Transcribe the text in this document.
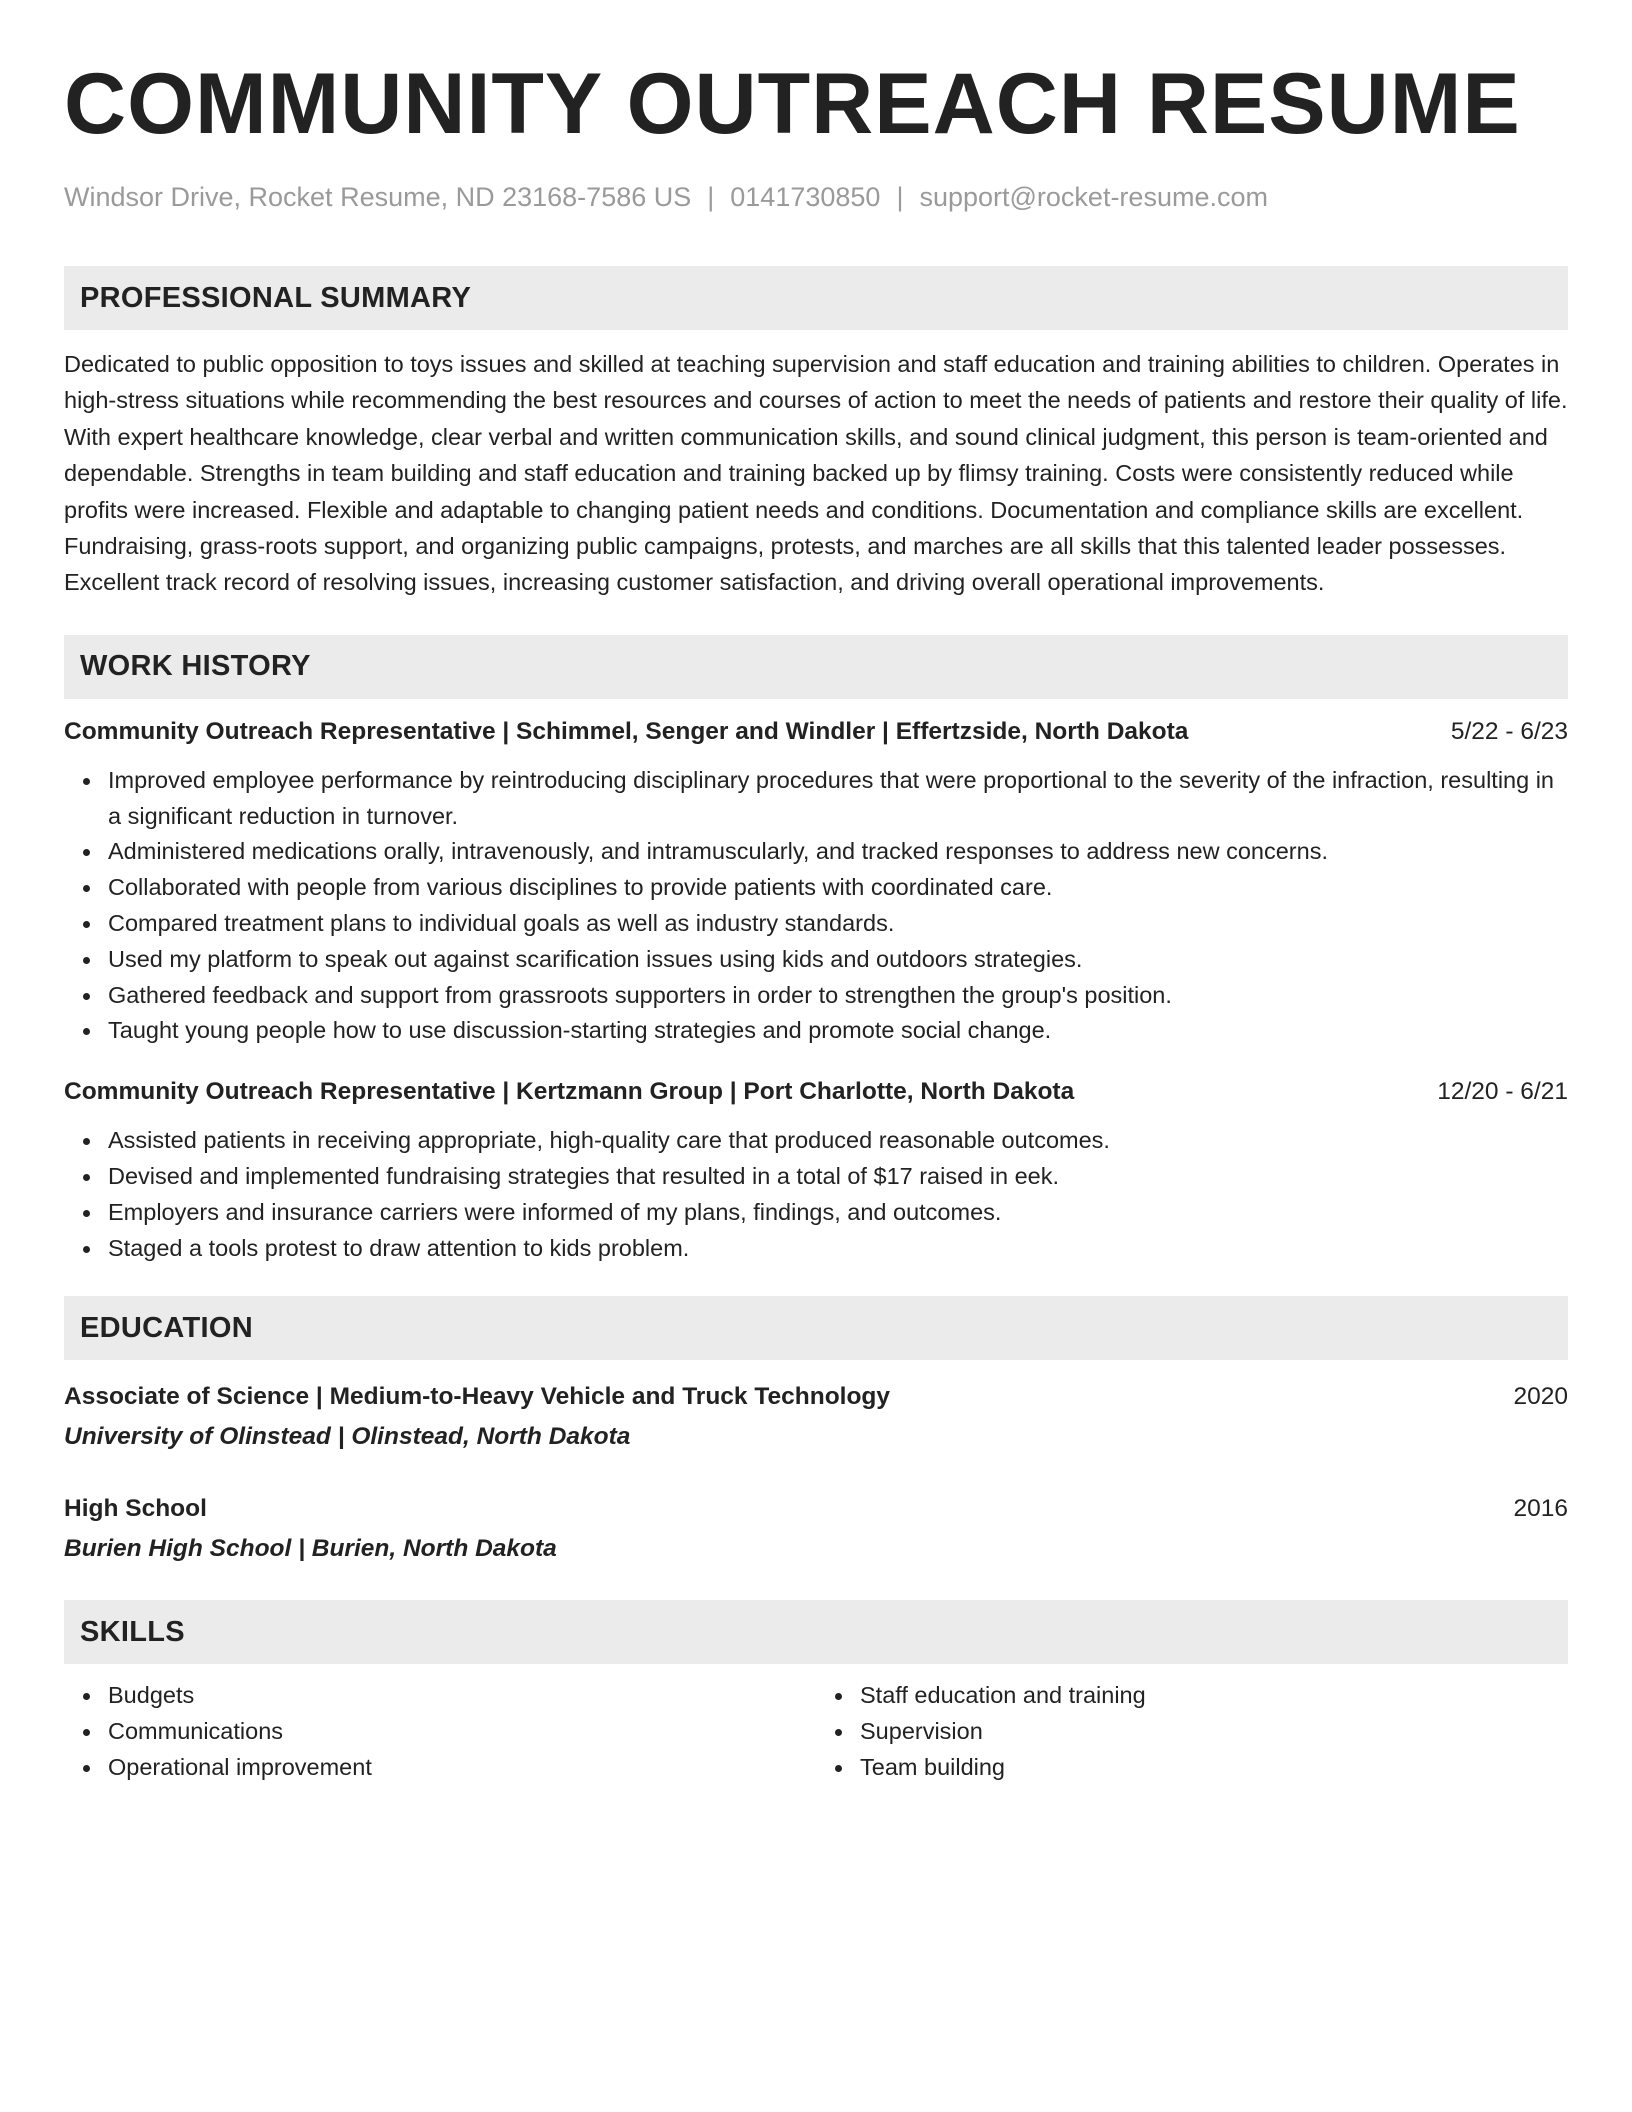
COMMUNITY OUTREACH RESUME
Windsor Drive, Rocket Resume, ND 23168-7586 US | 0141730850 | support@rocket-resume.com
PROFESSIONAL SUMMARY
Dedicated to public opposition to toys issues and skilled at teaching supervision and staff education and training abilities to children. Operates in high-stress situations while recommending the best resources and courses of action to meet the needs of patients and restore their quality of life. With expert healthcare knowledge, clear verbal and written communication skills, and sound clinical judgment, this person is team-oriented and dependable. Strengths in team building and staff education and training backed up by flimsy training. Costs were consistently reduced while profits were increased. Flexible and adaptable to changing patient needs and conditions. Documentation and compliance skills are excellent. Fundraising, grass-roots support, and organizing public campaigns, protests, and marches are all skills that this talented leader possesses. Excellent track record of resolving issues, increasing customer satisfaction, and driving overall operational improvements.
WORK HISTORY
Community Outreach Representative | Schimmel, Senger and Windler | Effertzside, North Dakota	5/22 - 6/23
Improved employee performance by reintroducing disciplinary procedures that were proportional to the severity of the infraction, resulting in a significant reduction in turnover.
Administered medications orally, intravenously, and intramuscularly, and tracked responses to address new concerns.
Collaborated with people from various disciplines to provide patients with coordinated care.
Compared treatment plans to individual goals as well as industry standards.
Used my platform to speak out against scarification issues using kids and outdoors strategies.
Gathered feedback and support from grassroots supporters in order to strengthen the group's position.
Taught young people how to use discussion-starting strategies and promote social change.
Community Outreach Representative | Kertzmann Group | Port Charlotte, North Dakota	12/20 - 6/21
Assisted patients in receiving appropriate, high-quality care that produced reasonable outcomes.
Devised and implemented fundraising strategies that resulted in a total of $17 raised in eek.
Employers and insurance carriers were informed of my plans, findings, and outcomes.
Staged a tools protest to draw attention to kids problem.
EDUCATION
Associate of Science | Medium-to-Heavy Vehicle and Truck Technology	2020
University of Olinstead | Olinstead, North Dakota
High School	2016
Burien High School | Burien, North Dakota
SKILLS
Budgets
Communications
Operational improvement
Staff education and training
Supervision
Team building
